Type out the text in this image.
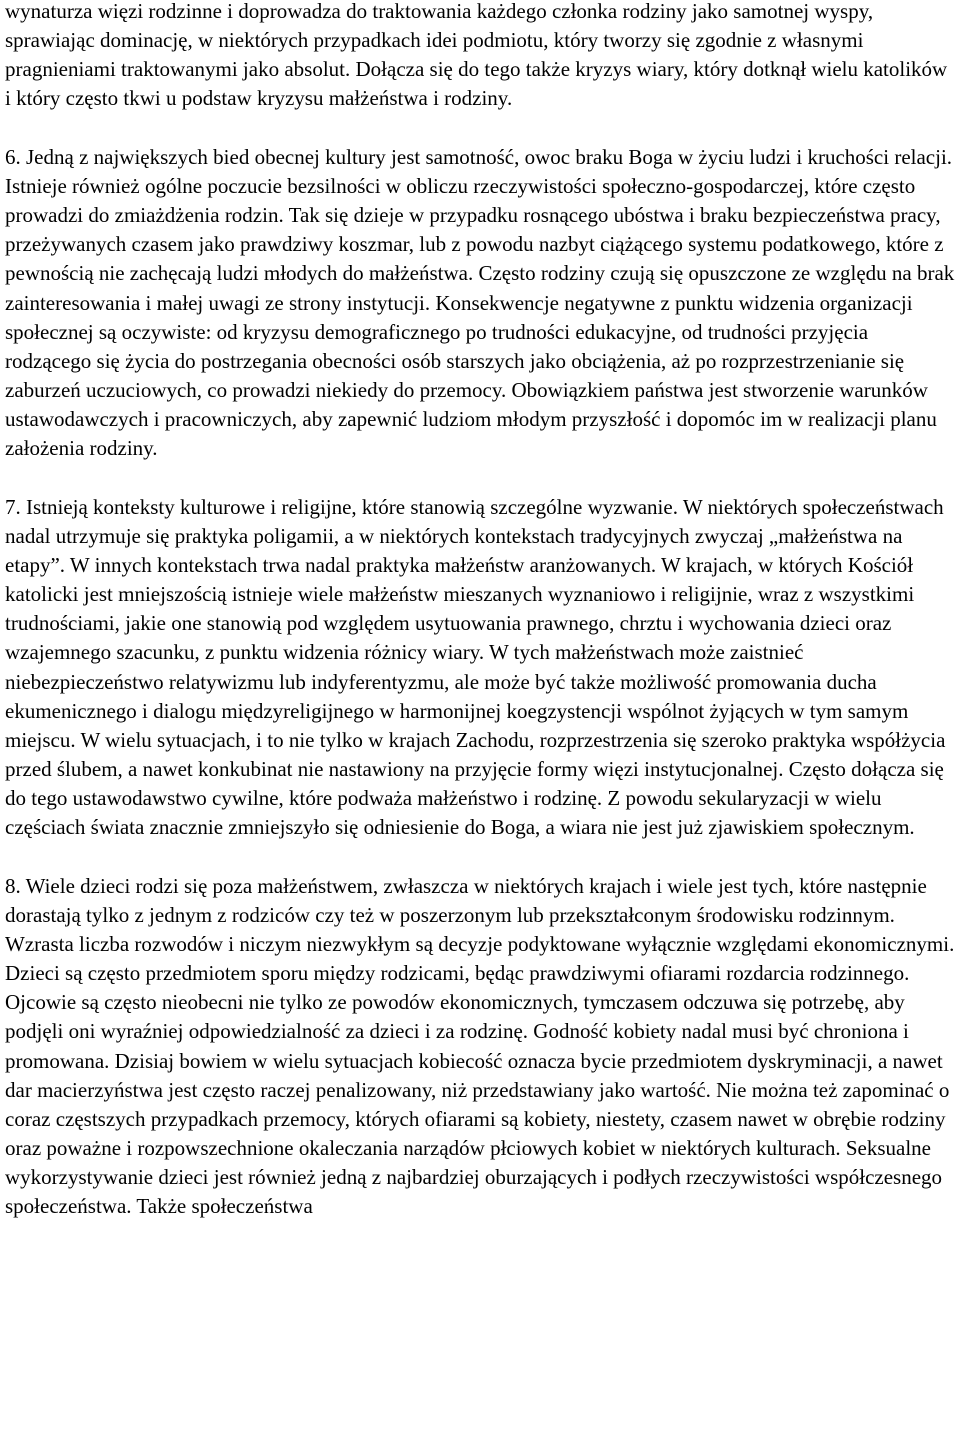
wynaturza więzi rodzinne i doprowadza do traktowania każdego członka rodziny jako samotnej wyspy, sprawiając dominację, w niektórych przypadkach idei podmiotu, który tworzy się zgodnie z własnymi pragnieniami traktowanymi jako absolut. Dołącza się do tego także kryzys wiary, który dotknął wielu katolików i który często tkwi u podstaw kryzysu małżeństwa i rodziny.

6. Jedną z największych bied obecnej kultury jest samotność, owoc braku Boga w życiu ludzi i kruchości relacji. Istnieje również ogólne poczucie bezsilności w obliczu rzeczywistości społeczno-gospodarczej, które często prowadzi do zmiażdżenia rodzin. Tak się dzieje w przypadku rosnącego ubóstwa i braku bezpieczeństwa pracy, przeżywanych czasem jako prawdziwy koszmar, lub z powodu nazbyt ciążącego systemu podatkowego, które z pewnością nie zachęcają ludzi młodych do małżeństwa. Często rodziny czują się opuszczone ze względu na brak zainteresowania i małej uwagi ze strony instytucji. Konsekwencje negatywne z punktu widzenia organizacji społecznej są oczywiste: od kryzysu demograficznego po trudności edukacyjne, od trudności przyjęcia rodzącego się życia do postrzegania obecności osób starszych jako obciążenia, aż po rozprzestrzenianie się zaburzeń uczuciowych, co prowadzi niekiedy do przemocy. Obowiązkiem państwa jest stworzenie warunków ustawodawczych i pracowniczych, aby zapewnić ludziom młodym przyszłość i dopomóc im w realizacji planu założenia rodziny.

7. Istnieją konteksty kulturowe i religijne, które stanowią szczególne wyzwanie. W niektórych społeczeństwach nadal utrzymuje się praktyka poligamii, a w niektórych kontekstach tradycyjnych zwyczaj „małżeństwa na etapy”. W innych kontekstach trwa nadal praktyka małżeństw aranżowanych. W krajach, w których Kościół katolicki jest mniejszością istnieje wiele małżeństw mieszanych wyznaniowo i religijnie, wraz z wszystkimi trudnościami, jakie one stanowią pod względem usytuowania prawnego, chrztu i wychowania dzieci oraz wzajemnego szacunku, z punktu widzenia różnicy wiary. W tych małżeństwach może zaistnieć niebezpieczeństwo relatywizmu lub indyferentyzmu, ale może być także możliwość promowania ducha ekumenicznego i dialogu międzyreligijnego w harmonijnej koegzystencji wspólnot żyjących w tym samym miejscu. W wielu sytuacjach, i to nie tylko w krajach Zachodu, rozprzestrzenia się szeroko praktyka współżycia przed ślubem, a nawet konkubinat nie nastawiony na przyjęcie formy więzi instytucjonalnej. Często dołącza się do tego ustawodawstwo cywilne, które podważa małżeństwo i rodzinę. Z powodu sekularyzacji w wielu częściach świata znacznie zmniejszyło się odniesienie do Boga, a wiara nie jest już zjawiskiem społecznym.

8. Wiele dzieci rodzi się poza małżeństwem, zwłaszcza w niektórych krajach i wiele jest tych, które następnie dorastają tylko z jednym z rodziców czy też w poszerzonym lub przekształconym środowisku rodzinnym. Wzrasta liczba rozwodów i niczym niezwykłym są decyzje podyktowane wyłącznie względami ekonomicznymi. Dzieci są często przedmiotem sporu między rodzicami, będąc prawdziwymi ofiarami rozdarcia rodzinnego. Ojcowie są często nieobecni nie tylko ze powodów ekonomicznych, tymczasem odczuwa się potrzebę, aby podjęli oni wyraźniej odpowiedzialność za dzieci i za rodzinę. Godność kobiety nadal musi być chroniona i promowana. Dzisiaj bowiem w wielu sytuacjach kobiecość oznacza bycie przedmiotem dyskryminacji, a nawet dar macierzyństwa jest często raczej penalizowany, niż przedstawiany jako wartość. Nie można też zapominać o coraz częstszych przypadkach przemocy, których ofiarami są kobiety, niestety, czasem nawet w obrębie rodziny oraz poważne i rozpowszechnione okaleczania narządów płciowych kobiet w niektórych kulturach. Seksualne wykorzystywanie dzieci jest również jedną z najbardziej oburzających i podłych rzeczywistości współczesnego społeczeństwa. Także społeczeństwa
